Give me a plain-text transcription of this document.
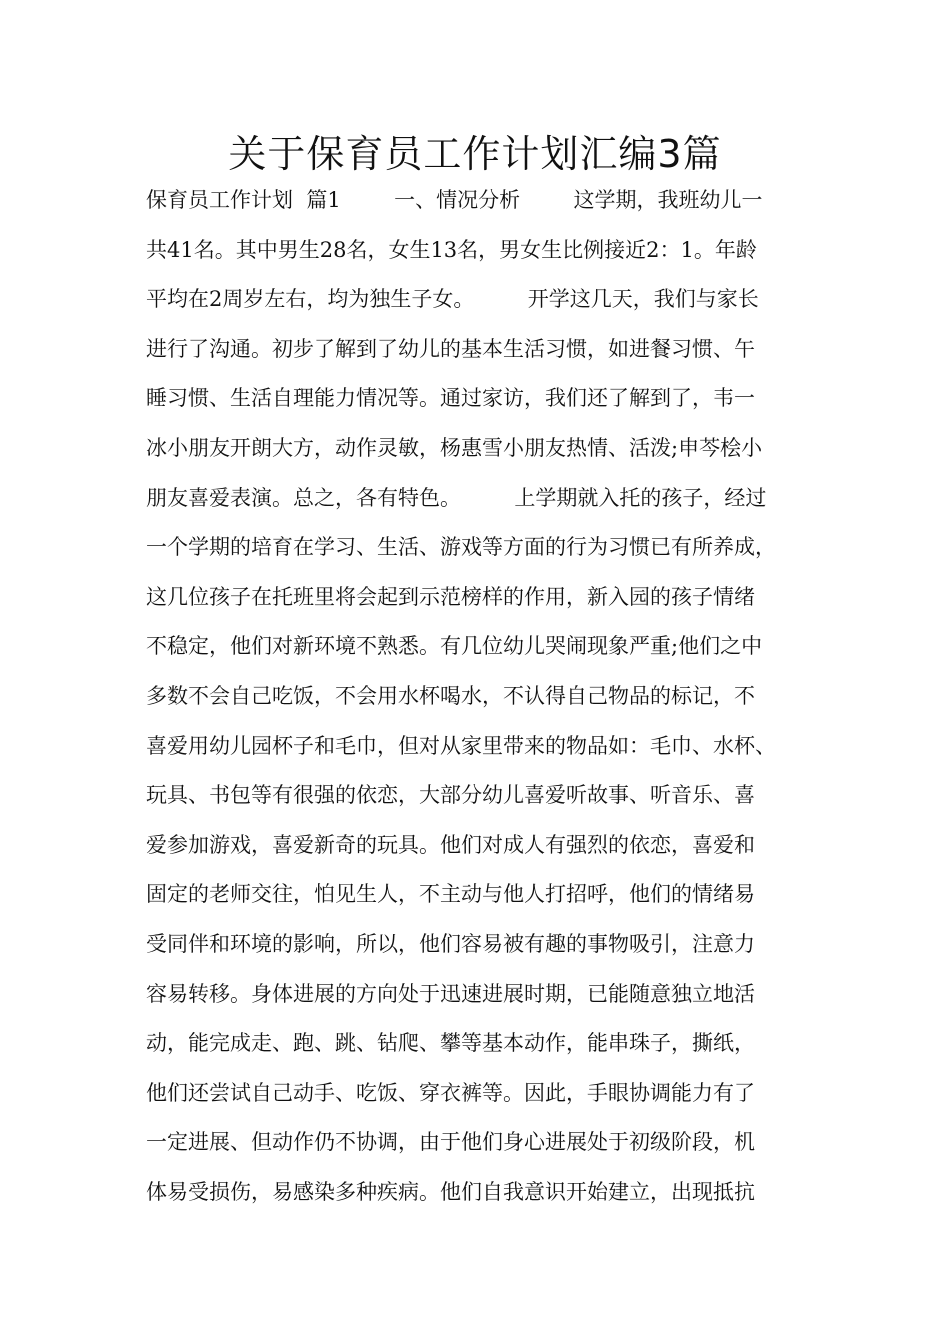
关于保育员工作计划汇编3篇
保育员工作计划  篇1        一、情况分析        这学期，我班幼儿一
共41名。其中男生28名，女生13名，男女生比例接近2：1。年龄
平均在2周岁左右，均为独生子女。        开学这几天，我们与家长
进行了沟通。初步了解到了幼儿的基本生活习惯，如进餐习惯、午
睡习惯、生活自理能力情况等。通过家访，我们还了解到了，韦一
冰小朋友开朗大方，动作灵敏，杨惠雪小朋友热情、活泼;申芩桧小
朋友喜爱表演。总之，各有特色。        上学期就入托的孩子，经过
一个学期的培育在学习、生活、游戏等方面的行为习惯已有所养成，
这几位孩子在托班里将会起到示范榜样的作用，新入园的孩子情绪
不稳定，他们对新环境不熟悉。有几位幼儿哭闹现象严重;他们之中
多数不会自己吃饭，不会用水杯喝水，不认得自己物品的标记，不
喜爱用幼儿园杯子和毛巾，但对从家里带来的物品如：毛巾、水杯、
玩具、书包等有很强的依恋，大部分幼儿喜爱听故事、听音乐、喜
爱参加游戏，喜爱新奇的玩具。他们对成人有强烈的依恋，喜爱和
固定的老师交往，怕见生人，不主动与他人打招呼，他们的情绪易
受同伴和环境的影响，所以，他们容易被有趣的事物吸引，注意力
容易转移。身体进展的方向处于迅速进展时期，已能随意独立地活
动，能完成走、跑、跳、钻爬、攀等基本动作，能串珠子，撕纸，
他们还尝试自己动手、吃饭、穿衣裤等。因此，手眼协调能力有了
一定进展、但动作仍不协调，由于他们身心进展处于初级阶段，机
体易受损伤，易感染多种疾病。他们自我意识开始建立，出现抵抗
